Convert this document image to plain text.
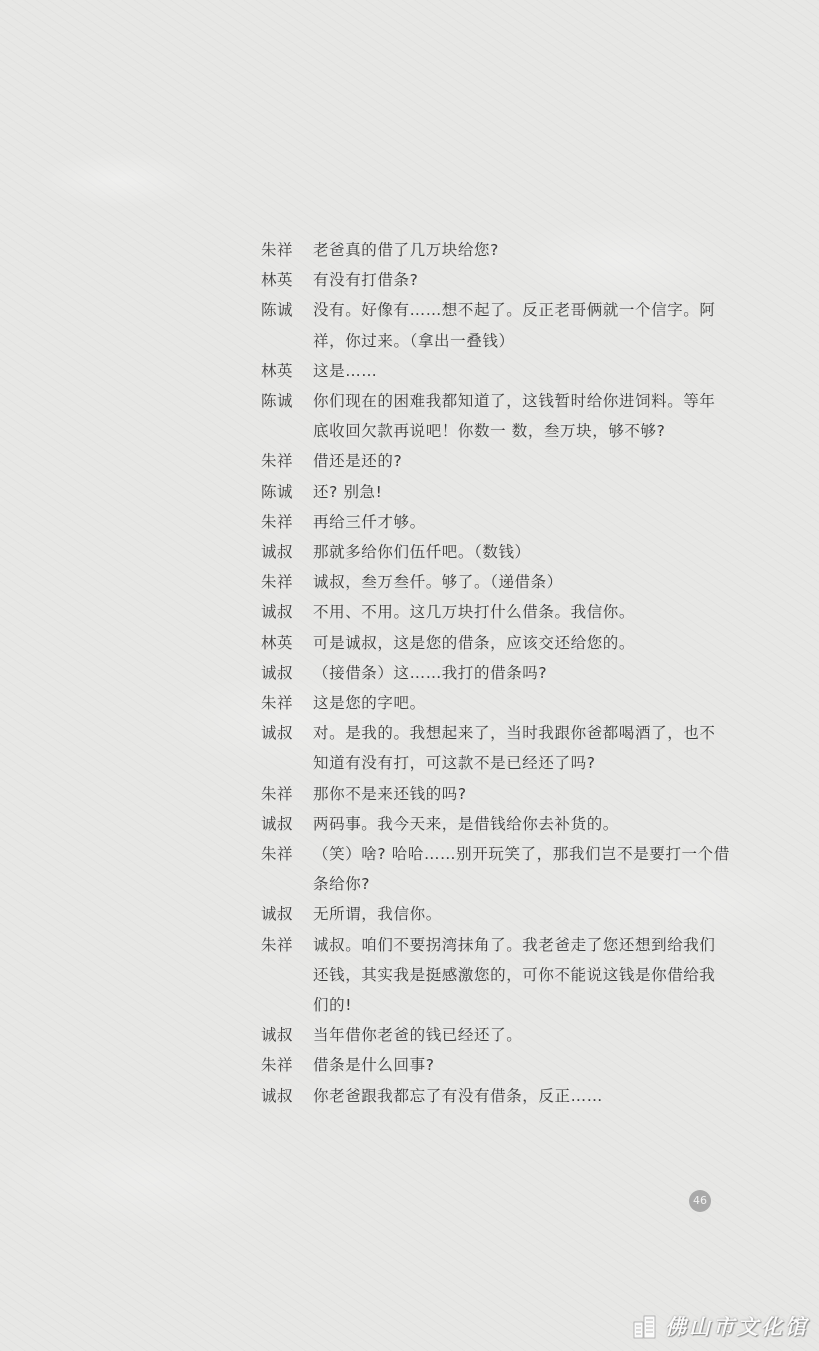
朱祥	老爸真的借了几万块给您?
林英	有没有打借条?
陈诚	没有。好像有……想不起了。反正老哥俩就一个信字。阿祥，你过来。（拿出一叠钱）
林英	这是……
陈诚	你们现在的困难我都知道了，这钱暂时给你进饲料。等年底收回欠款再说吧！你数一 数，叁万块，够不够?
朱祥	借还是还的?
陈诚	还? 别急!
朱祥	再给三仟才够。
诚叔	那就多给你们伍仟吧。（数钱）
朱祥	诚叔，叁万叁仟。够了。（递借条）
诚叔	不用、不用。这几万块打什么借条。我信你。
林英	可是诚叔，这是您的借条，应该交还给您的。
诚叔	（接借条）这……我打的借条吗?
朱祥	这是您的字吧。
诚叔	对。是我的。我想起来了，当时我跟你爸都喝酒了，也不知道有没有打，可这款不是已经还了吗?
朱祥	那你不是来还钱的吗?
诚叔	两码事。我今天来，是借钱给你去补货的。
朱祥	（笑）啥? 哈哈……别开玩笑了，那我们岂不是要打一个借条给你?
诚叔	无所谓，我信你。
朱祥	诚叔。咱们不要拐湾抹角了。我老爸走了您还想到给我们还钱，其实我是挺感激您的，可你不能说这钱是你借给我们的!
诚叔	当年借你老爸的钱已经还了。
朱祥	借条是什么回事?
诚叔	你老爸跟我都忘了有没有借条，反正……
46
佛山市文化馆
